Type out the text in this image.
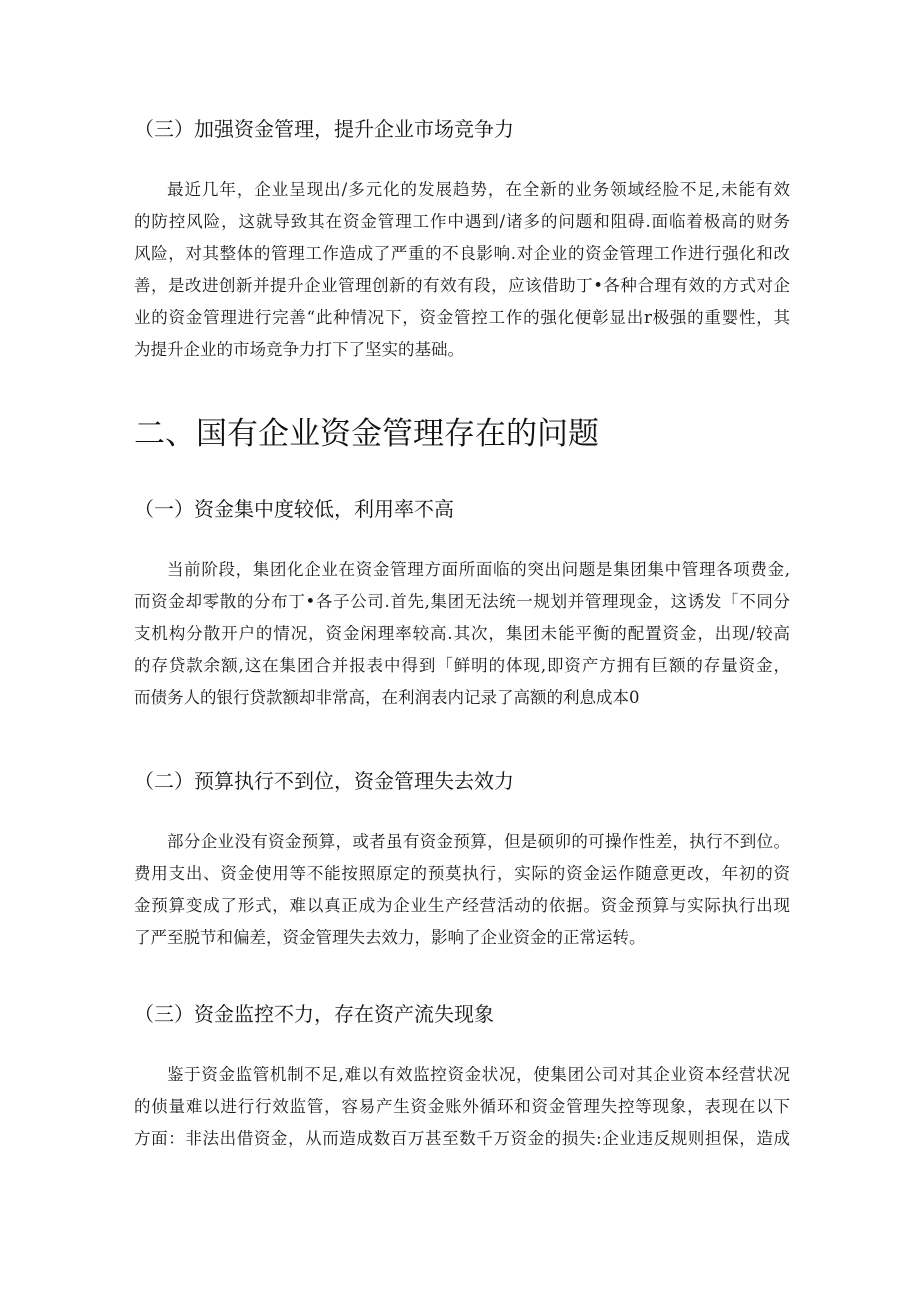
（三）加强资金管理，提升企业市场竞争力
最近几年，企业呈现出/多元化的发展趋势，在全新的业务领域经脸不足,未能有效
的防控风险，这就导致其在资金管理工作中遇到/诸多的问题和阻碍.面临着极高的财务
风险，对其整体的管理工作造成了严重的不良影响.对企业的资金管理工作进行强化和改
善，是改进创新并提升企业管理创新的有效有段，应该借助丁•各种合理有效的方式对企
业的资金管理进行完善“此种情况下，资金管控工作的强化便彰显出r极强的重婴性，其
为提升企业的市场竞争力打下了坚实的基础。
二、国有企业资金管理存在的问题
（一）资金集中度较低，利用率不高
当前阶段，集团化企业在资金管理方面所面临的突出问题是集团集中管理各项费金,
而资金却零散的分布丁•各子公司.首先,集团无法统一规划并管理现金，这诱发「不同分
支机构分散开户的情况，资金闲理率较高.其次，集团未能平衡的配置资金，出现/较高
的存贷款余额,这在集团合并报表中得到「鲜明的体现,即资产方拥有巨额的存量资金，
而债务人的银行贷款额却非常高，在利润表内记录了高额的利息成本0
（二）预算执行不到位，资金管理失去效力
部分企业没有资金预算，或者虽有资金预算，但是硕卯的可操作性差，执行不到位。
费用支出、资金使用等不能按照原定的预莫执行，实际的资金运作随意更改，年初的资
金预算变成了形式，难以真正成为企业生产经营活动的依据。资金预算与实际执行出现
了严至脱节和偏差，资金管理失去效力，影响了企业资金的正常运转。
（三）资金监控不力，存在资产流失现象
鉴于资金监管机制不足,难以有效监控资金状况，使集团公司对其企业资本经营状况
的侦量难以进行行效监管，容易产生资金账外循环和资金管理失控等现象，表现在以下
方面：非法出借资金，从而造成数百万甚至数千万资金的损失:企业违反规则担保，造成
